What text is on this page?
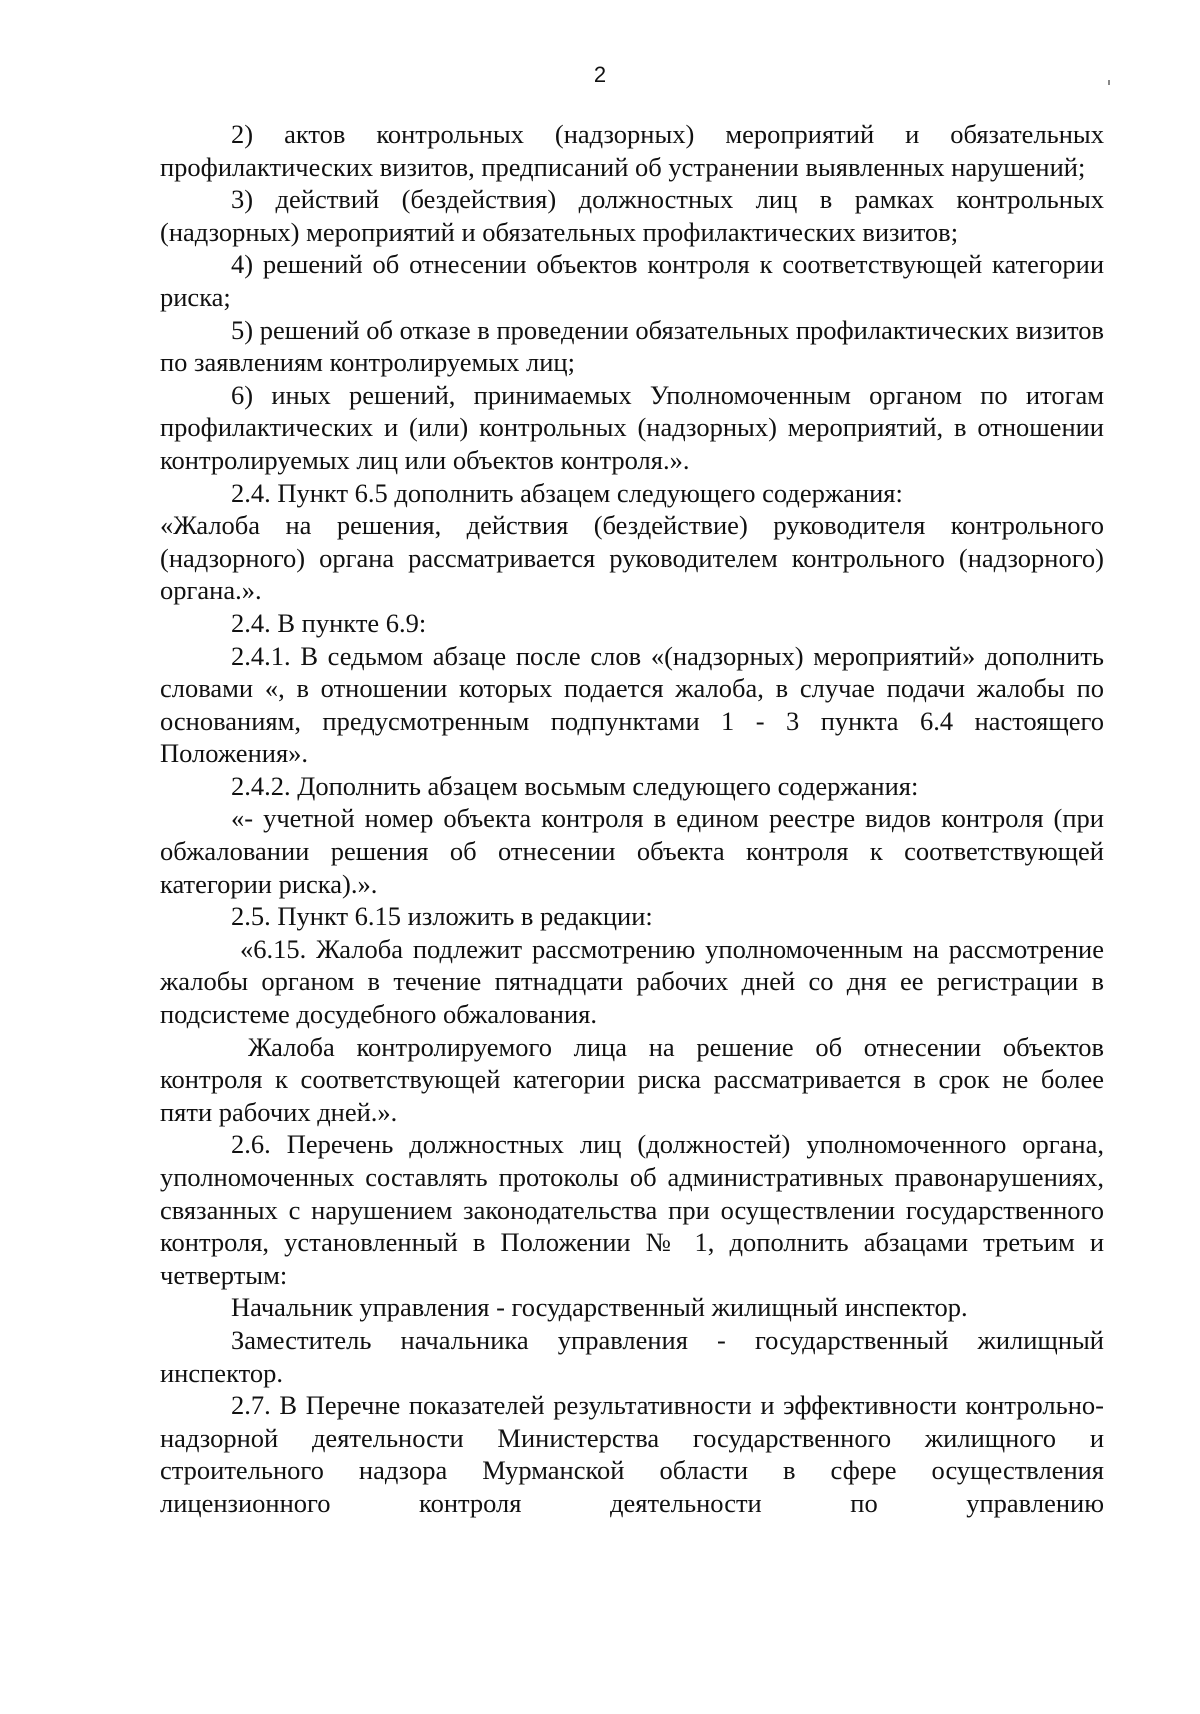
2

2) актов контрольных (надзорных) мероприятий и обязательных профилактических визитов, предписаний об устранении выявленных нарушений;

3) действий (бездействия) должностных лиц в рамках контрольных (надзорных) мероприятий и обязательных профилактических визитов;

4) решений об отнесении объектов контроля к соответствующей категории риска;

5) решений об отказе в проведении обязательных профилактических визитов по заявлениям контролируемых лиц;

6) иных решений, принимаемых Уполномоченным органом по итогам профилактических и (или) контрольных (надзорных) мероприятий, в отношении контролируемых лиц или объектов контроля.».

2.4. Пункт 6.5 дополнить абзацем следующего содержания:

«Жалоба на решения, действия (бездействие) руководителя контрольного (надзорного) органа рассматривается руководителем контрольного (надзорного) органа.».

2.4. В пункте 6.9:

2.4.1. В седьмом абзаце после слов «(надзорных) мероприятий» дополнить словами «, в отношении которых подается жалоба, в случае подачи жалобы по основаниям, предусмотренным подпунктами 1 - 3 пункта 6.4 настоящего Положения».

2.4.2. Дополнить абзацем восьмым следующего содержания:

«- учетной номер объекта контроля в едином реестре видов контроля (при обжаловании решения об отнесении объекта контроля к соответствующей категории риска).».

2.5. Пункт 6.15 изложить в редакции:

«6.15. Жалоба подлежит рассмотрению уполномоченным на рассмотрение жалобы органом в течение пятнадцати рабочих дней со дня ее регистрации в подсистеме досудебного обжалования.

Жалоба контролируемого лица на решение об отнесении объектов контроля к соответствующей категории риска рассматривается в срок не более пяти рабочих дней.».

2.6. Перечень должностных лиц (должностей) уполномоченного органа, уполномоченных составлять протоколы об административных правонарушениях, связанных с нарушением законодательства при осуществлении государственного контроля, установленный в Положении № 1, дополнить абзацами третьим и четвертым:

Начальник управления - государственный жилищный инспектор.

Заместитель начальника управления - государственный жилищный инспектор.

2.7. В Перечне показателей результативности и эффективности контрольно-надзорной деятельности Министерства государственного жилищного и строительного надзора Мурманской области в сфере осуществления лицензионного контроля деятельности по управлению
